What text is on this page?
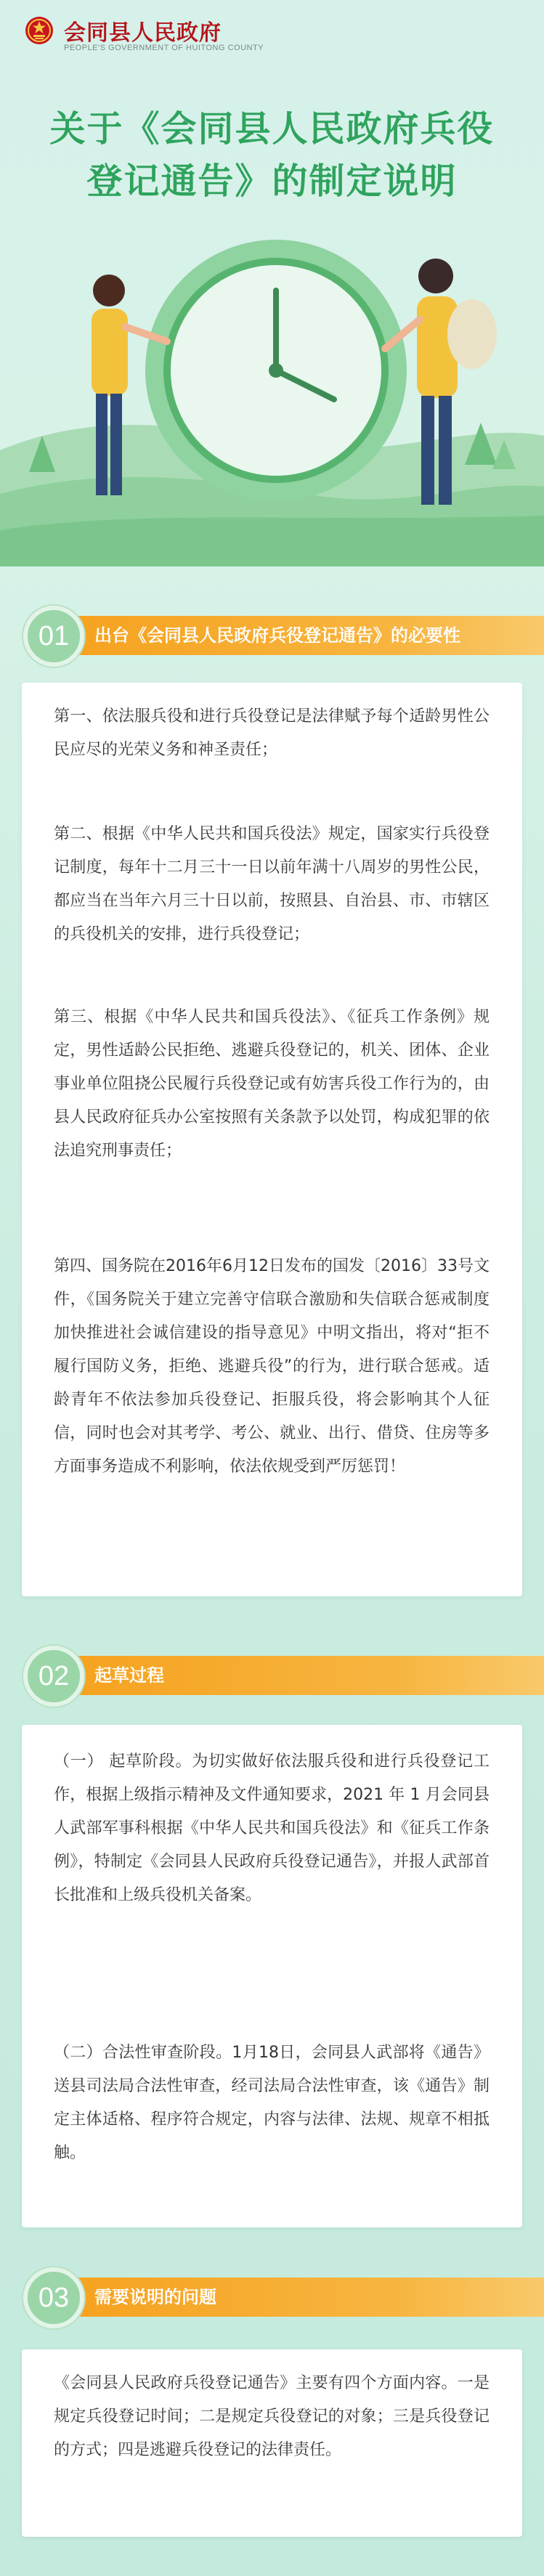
会同县人民政府
PEOPLE'S GOVERNMENT OF HUITONG COUNTY
关于《会同县人民政府兵役
登记通告》的制定说明
01	出台《会同县人民政府兵役登记通告》的必要性
第一、依法服兵役和进行兵役登记是法律赋予每个适龄男性公民应尽的光荣义务和神圣责任；
第二、根据《中华人民共和国兵役法》规定，国家实行兵役登记制度，每年十二月三十一日以前年满十八周岁的男性公民，都应当在当年六月三十日以前，按照县、自治县、市、市辖区的兵役机关的安排，进行兵役登记；
第三、根据《中华人民共和国兵役法》、《征兵工作条例》规定，男性适龄公民拒绝、逃避兵役登记的，机关、团体、企业事业单位阻挠公民履行兵役登记或有妨害兵役工作行为的，由县人民政府征兵办公室按照有关条款予以处罚，构成犯罪的依法追究刑事责任；
第四、国务院在2016年6月12日发布的国发〔2016〕33号文件，《国务院关于建立完善守信联合激励和失信联合惩戒制度加快推进社会诚信建设的指导意见》中明文指出，将对“拒不履行国防义务，拒绝、逃避兵役”的行为，进行联合惩戒。适龄青年不依法参加兵役登记、拒服兵役，将会影响其个人征信，同时也会对其考学、考公、就业、出行、借贷、住房等多方面事务造成不利影响，依法依规受到严厉惩罚！
02	起草过程
（一） 起草阶段。为切实做好依法服兵役和进行兵役登记工作，根据上级指示精神及文件通知要求，2021 年 1 月会同县人武部军事科根据《中华人民共和国兵役法》和《征兵工作条例》，特制定《会同县人民政府兵役登记通告》，并报人武部首长批准和上级兵役机关备案。
（二）合法性审查阶段。1月18日，会同县人武部将《通告》送县司法局合法性审查，经司法局合法性审查，该《通告》制定主体适格、程序符合规定，内容与法律、法规、规章不相抵触。
03	需要说明的问题
《会同县人民政府兵役登记通告》主要有四个方面内容。一是规定兵役登记时间；二是规定兵役登记的对象；三是兵役登记的方式；四是逃避兵役登记的法律责任。
